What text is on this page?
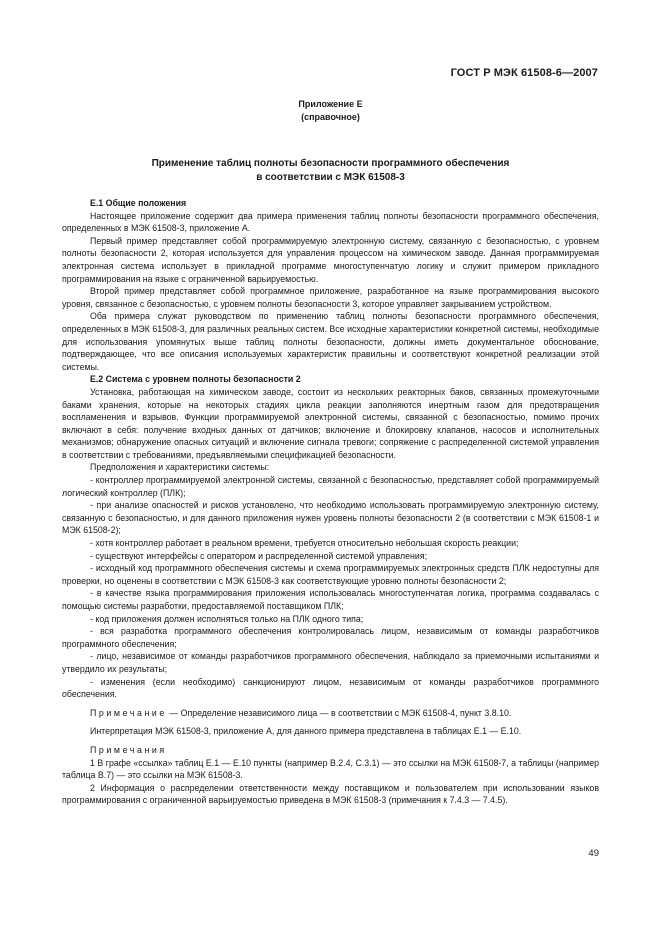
ГОСТ Р МЭК 61508-6—2007
Приложение Е
(справочное)
Применение таблиц полноты безопасности программного обеспечения
в соответствии с МЭК 61508-3
Е.1 Общие положения

Настоящее приложение содержит два примера применения таблиц полноты безопасности программного обеспечения, определенных в МЭК 61508-3, приложение А.

Первый пример представляет собой программируемую электронную систему, связанную с безопасностью, с уровнем полноты безопасности 2, которая используется для управления процессом на химическом заводе. Данная программируемая электронная система использует в прикладной программе многоступенчатую логику и служит примером прикладного программирования на языке с ограниченной варьируемостью.

Второй пример представляет собой программное приложение, разработанное на языке программирования высокого уровня, связанное с безопасностью, с уровнем полноты безопасности 3, которое управляет закрыванием устройством.

Оба примера служат руководством по применению таблиц полноты безопасности программного обеспечения, определенных в МЭК 61508-3, для различных реальных систем. Все исходные характеристики конкретной системы, необходимые для использования упомянутых выше таблиц полноты безопасности, должны иметь документальное обоснование, подтверждающее, что все описания используемых характеристик правильны и соответствуют конкретной реализации этой системы.

Е.2 Система с уровнем полноты безопасности 2

Установка, работающая на химическом заводе, состоит из нескольких реакторных баков, связанных промежуточными баками хранения, которые на некоторых стадиях цикла реакции заполняются инертным газом для предотвращения воспламенения и взрывов. Функции программируемой электронной системы, связанной с безопасностью, помимо прочих включают в себя: получение входных данных от датчиков; включение и блокировку клапанов, насосов и исполнительных механизмов; обнаружение опасных ситуаций и включение сигнала тревоги; сопряжение с распределенной системой управления в соответствии с требованиями, предъявляемыми спецификацией безопасности.

Предположения и характеристики системы:

- контроллер программируемой электронной системы, связанной с безопасностью, представляет собой программируемый логический контроллер (ПЛК);

- при анализе опасностей и рисков установлено, что необходимо использовать программируемую электронную систему, связанную с безопасностью, и для данного приложения нужен уровень полноты безопасности 2 (в соответствии с МЭК 61508-1 и МЭК 61508-2);

- хотя контроллер работает в реальном времени, требуется относительно небольшая скорость реакции;

- существуют интерфейсы с оператором и распределенной системой управления;

- исходный код программного обеспечения системы и схема программируемых электронных средств ПЛК недоступны для проверки, но оценены в соответствии с МЭК 61508-3 как соответствующие уровню полноты безопасности 2;

- в качестве языка программирования приложения использовалась многоступенчатая логика, программа создавалась с помощью системы разработки, предоставляемой поставщиком ПЛК;

- код приложения должен исполняться только на ПЛК одного типа;

- вся разработка программного обеспечения контролировалась лицом, независимым от команды разработчиков программного обеспечения;

- лицо, независимое от команды разработчиков программного обеспечения, наблюдало за приемочными испытаниями и утвердило их результаты;

- изменения (если необходимо) санкционируют лицом, независимым от команды разработчиков программного обеспечения.

Примечание — Определение независимого лица — в соответствии с МЭК 61508-4, пункт 3.8.10.

Интерпретация МЭК 61508-3, приложение А, для данного примера представлена в таблицах Е.1 — Е.10.

Примечания

1 В графе «ссылка» таблиц Е.1 — Е.10 пункты (например В.2.4, С.3.1) — это ссылки на МЭК 61508-7, а таблицы (например таблица В.7) — это ссылки на МЭК 61508-3.

2 Информация о распределении ответственности между поставщиком и пользователем при использовании языков программирования с ограниченной варьируемостью приведена в МЭК 61508-3 (примечания к 7.4.3 — 7.4.5).

49
